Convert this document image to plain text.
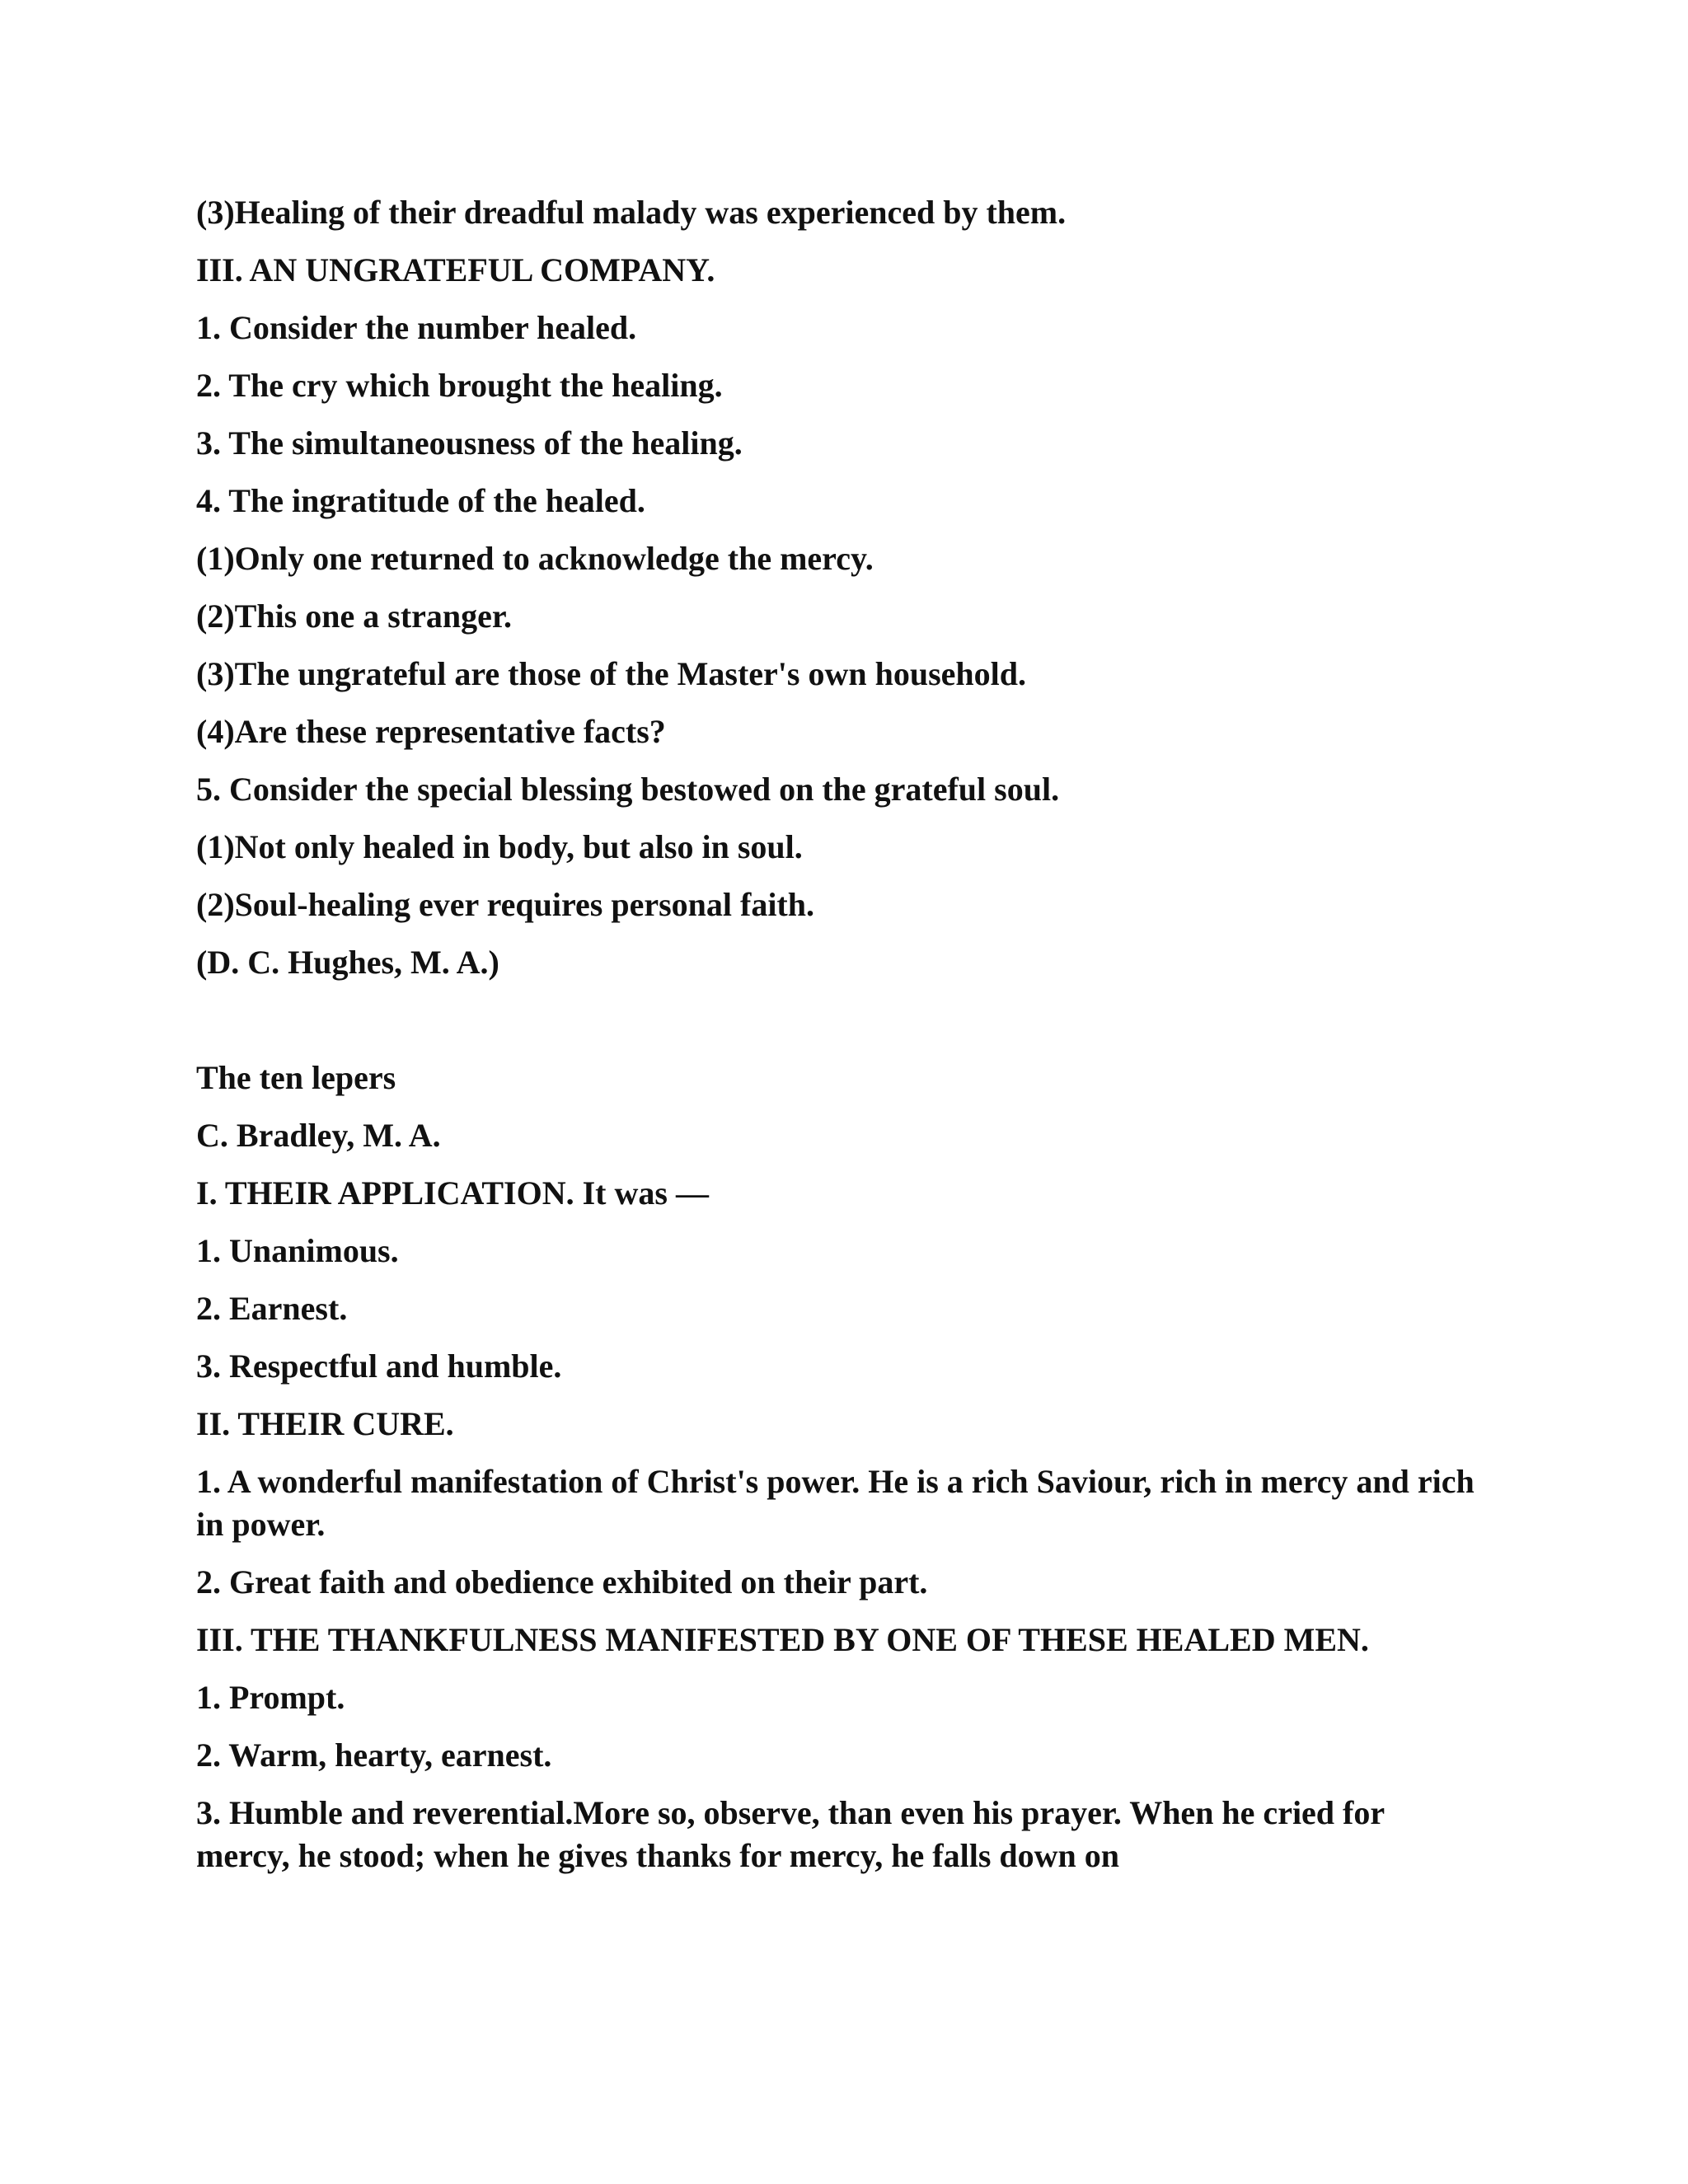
(3)Healing of their dreadful malady was experienced by them.

III. AN UNGRATEFUL COMPANY.

1. Consider the number healed.

2. The cry which brought the healing.

3. The simultaneousness of the healing.

4. The ingratitude of the healed.

(1)Only one returned to acknowledge the mercy.

(2)This one a stranger.

(3)The ungrateful are those of the Master's own household.

(4)Are these representative facts?

5. Consider the special blessing bestowed on the grateful soul.

(1)Not only healed in body, but also in soul.

(2)Soul-healing ever requires personal faith.

(D. C. Hughes, M. A.)

The ten lepers

C. Bradley, M. A.

I. THEIR APPLICATION. It was —

1. Unanimous.

2. Earnest.

3. Respectful and humble.

II. THEIR CURE.

1. A wonderful manifestation of Christ's power. He is a rich Saviour, rich in mercy and rich in power.

2. Great faith and obedience exhibited on their part.

III. THE THANKFULNESS MANIFESTED BY ONE OF THESE HEALED MEN.

1. Prompt.

2. Warm, hearty, earnest.

3. Humble and reverential.More so, observe, than even his prayer. When he cried for mercy, he stood; when he gives thanks for mercy, he falls down on
